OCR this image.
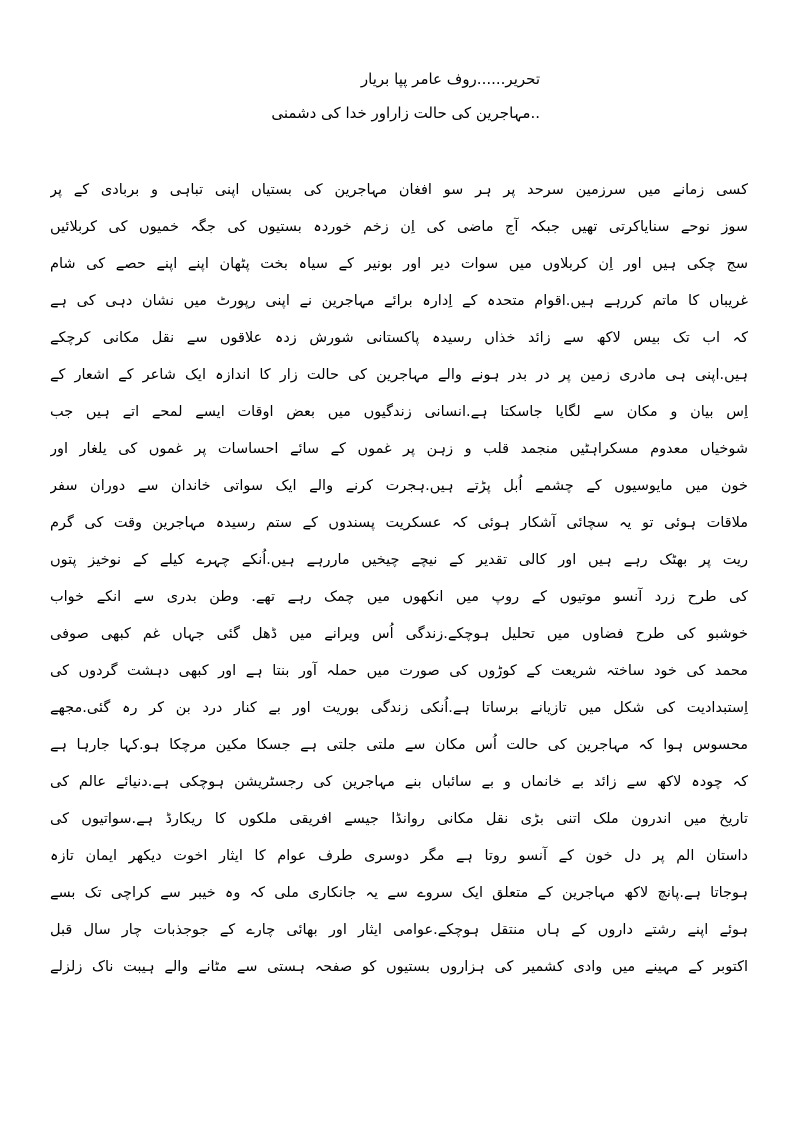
تحریر......روف عامر پپا بریار
..مہاجرین کی حالت زاراور خدا کی دشمنی
کسی زمانے میں سرزمین سرحد پر ہر سو افغان مہاجرین کی بستیاں اپنی تباہی و بربادی کے پر
سوز نوحے سنایاکرتی تھیں جبکہ آج ماضی کی اِن زخم خوردہ بستیوں کی جگہ خمیوں کی کربلائیں
سج چکی ہیں اور اِن کربلاوں میں سوات دیر اور بونیر کے سیاہ بخت پٹھان اپنے اپنے حصے کی شام
غریباں کا ماتم کررہے ہیں.اقوام متحدہ کے اِدارہ برائے مہاجرین نے اپنی رپورٹ میں نشان دہی کی ہے
کہ اب تک بیس لاکھ سے زائد خذاں رسیدہ پاکستانی شورش زدہ علاقوں سے نقل مکانی کرچکے
ہیں.اپنی ہی مادری زمین پر در بدر ہونے والے مہاجرین کی حالت زار کا اندازہ ایک شاعر کے اشعار کے
اِس بیان و مکان سے لگایا جاسکتا ہے.انسانی زندگیوں میں بعض اوقات ایسے لمحے اتے ہیں جب
شوخیاں معدوم مسکراہٹیں منجمد قلب و زہن پر غموں کے سائے احساسات پر غموں کی یلغار اور
خون میں مایوسیوں کے چشمے اُبل پڑتے ہیں.ہجرت کرنے والے ایک سواتی خاندان سے دوران سفر
ملاقات ہوئی تو یہ سچائی آشکار ہوئی کہ عسکریت پسندوں کے ستم رسیدہ مہاجرین وقت کی گرم
ریت پر بھٹک رہے ہیں اور کالی تقدیر کے نیچے چیخیں ماررہے ہیں.اُنکے چہرے کیلے کے نوخیز پتوں
کی طرح زرد آنسو موتیوں کے روپ میں انکھوں میں چمک رہے تھے. وطن بدری سے انکے خواب
خوشبو کی طرح فضاوں میں تحلیل ہوچکے.زندگی اُس ویرانے میں ڈھل گئی جہاں غم کبھی صوفی
محمد کی خود ساختہ شریعت کے کوڑوں کی صورت میں حملہ آور بنتا ہے اور کبھی دہشت گردوں کی
اِستبدادیت کی شکل میں تازیانے برساتا ہے.اُنکی زندگی بوریت اور بے کنار درد بن کر رہ گئی.مجھے
محسوس ہوا کہ مہاجرین کی حالت اُس مکان سے ملتی جلتی ہے جسکا مکین مرچکا ہو.کہا جارہا ہے
کہ چودہ لاکھ سے زائد بے خانماں و بے سائباں بنے مہاجرین کی رجسٹریشن ہوچکی ہے.دنیائے عالم کی
تاریخ میں اندرون ملک اتنی بڑی نقل مکانی روانڈا جیسے افریقی ملکوں کا ریکارڈ ہے.سواتیوں کی
داستان الم پر دل خون کے آنسو روتا ہے مگر دوسری طرف عوام کا ایثار اخوت دیکھر ایمان تازہ
ہوجاتا ہے.پانچ لاکھ مہاجرین کے متعلق ایک سروے سے یہ جانکاری ملی کہ وہ خیبر سے کراچی تک بسے
ہوئے اپنے رشتے داروں کے ہاں منتقل ہوچکے.عوامی ایثار اور بھائی چارے کے جوجذبات چار سال قبل
اکتوبر کے مہینے میں وادی کشمیر کی ہزاروں بستیوں کو صفحہ ہستی سے مٹانے والے ہیبت ناک زلزلے
